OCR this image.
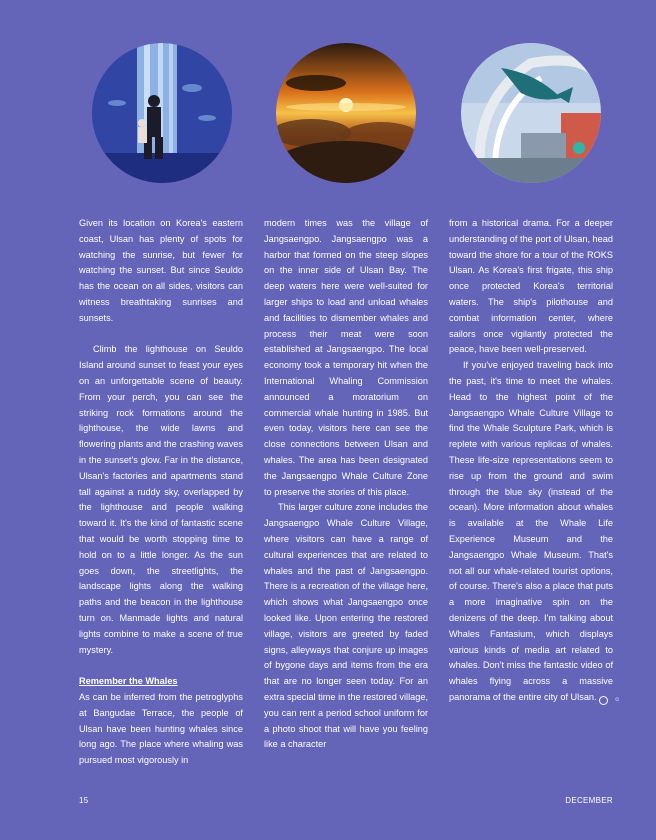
Given its location on Korea's eastern coast, Ulsan has plenty of spots for watching the sunrise, but fewer for watching the sunset. But since Seuldo has the ocean on all sides, visitors can witness breathtaking sunrises and sunsets.

Climb the lighthouse on Seuldo Island around sunset to feast your eyes on an unforgettable scene of beauty. From your perch, you can see the striking rock formations around the lighthouse, the wide lawns and flowering plants and the crashing waves in the sunset's glow. Far in the distance, Ulsan's factories and apartments stand tall against a ruddy sky, overlapped by the lighthouse and people walking toward it. It's the kind of fantastic scene that would be worth stopping time to hold on to a little longer. As the sun goes down, the streetlights, the landscape lights along the walking paths and the beacon in the lighthouse turn on. Manmade lights and natural lights combine to make a scene of true mystery.

Remember the Whales

As can be inferred from the petroglyphs at Bangudae Terrace, the people of Ulsan have been hunting whales since long ago. The place where whaling was pursued most vigorously in

modern times was the village of Jangsaengpo. Jangsaengpo was a harbor that formed on the steep slopes on the inner side of Ulsan Bay. The deep waters here were well-suited for larger ships to load and unload whales and facilities to dismember whales and process their meat were soon established at Jangsaengpo. The local economy took a temporary hit when the International Whaling Commission announced a moratorium on commercial whale hunting in 1985. But even today, visitors here can see the close connections between Ulsan and whales. The area has been designated the Jangsaengpo Whale Culture Zone to preserve the stories of this place.

This larger culture zone includes the Jangsaengpo Whale Culture Village, where visitors can have a range of cultural experiences that are related to whales and the past of Jangsaengpo. There is a recreation of the village here, which shows what Jangsaengpo once looked like. Upon entering the restored village, visitors are greeted by faded signs, alleyways that conjure up images of bygone days and items from the era that are no longer seen today. For an extra special time in the restored village, you can rent a period school uniform for a photo shoot that will have you feeling like a character

from a historical drama. For a deeper understanding of the port of Ulsan, head toward the shore for a tour of the ROKS Ulsan. As Korea's first frigate, this ship once protected Korea's territorial waters. The ship's pilothouse and combat information center, where sailors once vigilantly protected the peace, have been well-preserved.

If you've enjoyed traveling back into the past, it's time to meet the whales. Head to the highest point of the Jangsaengpo Whale Culture Village to find the Whale Sculpture Park, which is replete with various replicas of whales. These life-size representations seem to rise up from the ground and swim through the blue sky (instead of the ocean). More information about whales is available at the Whale Life Experience Museum and the Jangsaengpo Whale Museum. That's not all our whale-related tourist options, of course. There's also a place that puts a more imaginative spin on the denizens of the deep. I'm talking about Whales Fantasium, which displays various kinds of media art related to whales. Don't miss the fantastic video of whales flying across a massive panorama of the entire city of Ulsan.	☺

15	DECEMBER
